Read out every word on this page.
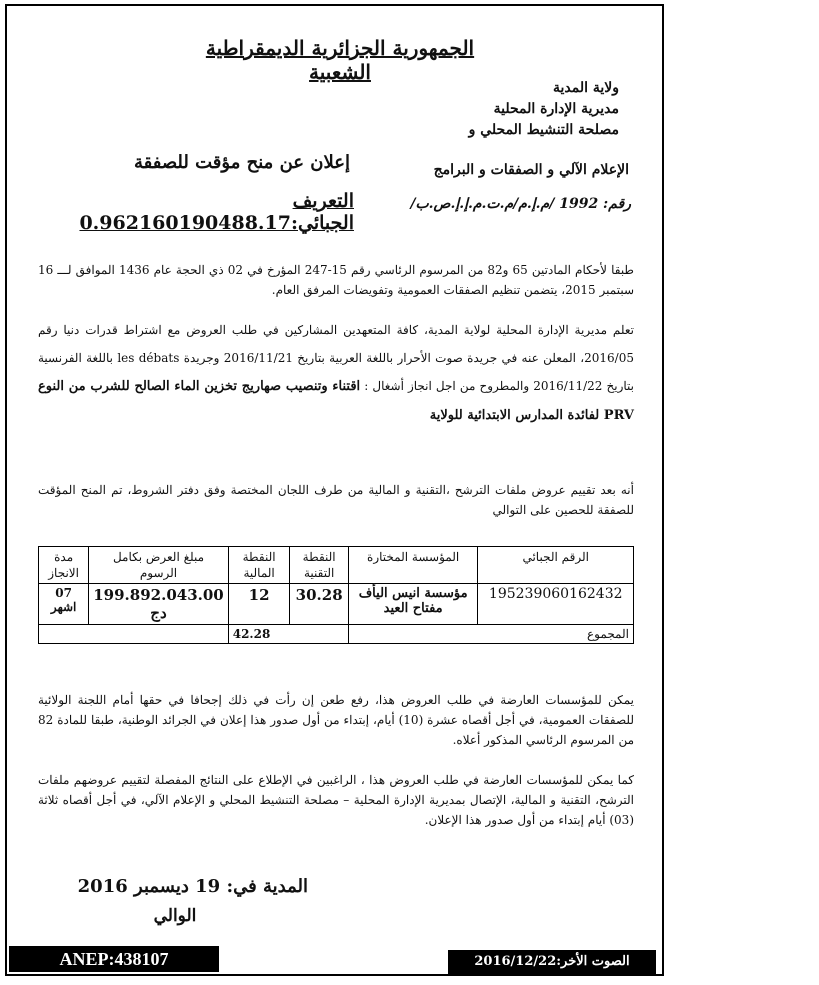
الجمهورية الجزائرية الديمقراطية الشعبية
ولاية المدية
مديرية الإدارة المحلية
مصلحة التنشيط المحلي و
الإعلام الآلي و الصفقات و البرامج
رقم: 1992 /م.إ.م/م.ت.م.إ.إ.ص.ب/
إعلان عن منح مؤقت للصفقة
التعريف الجبائي:0.962160190488.17
طبقا لأحكام المادتين 65 و82 من المرسوم الرئاسي رقم 15-247 المؤرخ في 02 ذي الحجة عام 1436 الموافق لـــ 16 سبتمبر 2015، يتضمن تنظيم الصفقات العمومية وتفويضات المرفق العام.
تعلم مديرية الإدارة المحلية لولاية المدية، كافة المتعهدين المشاركين في طلب العروض مع اشتراط قدرات دنيا رقم 2016/05، المعلن عنه في جريدة صوت الأحرار باللغة العربية بتاريخ 2016/11/21 وجريدة les débats باللغة الفرنسية بتاريخ 2016/11/22 والمطروح من اجل انجاز أشغال : اقتناء وتنصيب صهاريج تخزين الماء الصالح للشرب من النوع PRV لفائدة المدارس الابتدائية للولاية
أنه بعد تقييم عروض ملفات الترشح ،التقنية و المالية من طرف اللجان المختصة وفق دفتر الشروط، تم المنح المؤقت للصفقة للحصين على التوالي
الرقم الجبائي	المؤسسة المختارة	النقطة التقنية	النقطة المالية	مبلغ العرض بكامل الرسوم	مدة الانجاز
195239060162432	مؤسسة انيس اليأف مفتاح العيد	30.28	12	199.892.043.00 دج	07 اشهر
المجموع		42.28			
يمكن للمؤسسات العارضة في طلب العروض هذا، رفع طعن إن رأت في ذلك إجحافا في حقها أمام اللجنة الولائية للصفقات العمومية، في أجل أقصاه عشرة (10) أيام، إبتداء من أول صدور هذا إعلان في الجرائد الوطنية، طبقا للمادة 82 من المرسوم الرئاسي المذكور أعلاه.
كما يمكن للمؤسسات العارضة في طلب العروض هذا ، الراغبين في الإطلاع على النتائج المفصلة لتقييم عروضهم ملفات الترشح، التقنية و المالية، الإتصال بمديرية الإدارة المحلية – مصلحة التنشيط المحلي و الإعلام الآلي، في أجل أقصاه ثلاثة (03) أيام إبتداء من أول صدور هذا الإعلان.
المدية في: 19 ديسمبر 2016
الوالي
ANEP:438107	الصوت الأخر:2016/12/22
